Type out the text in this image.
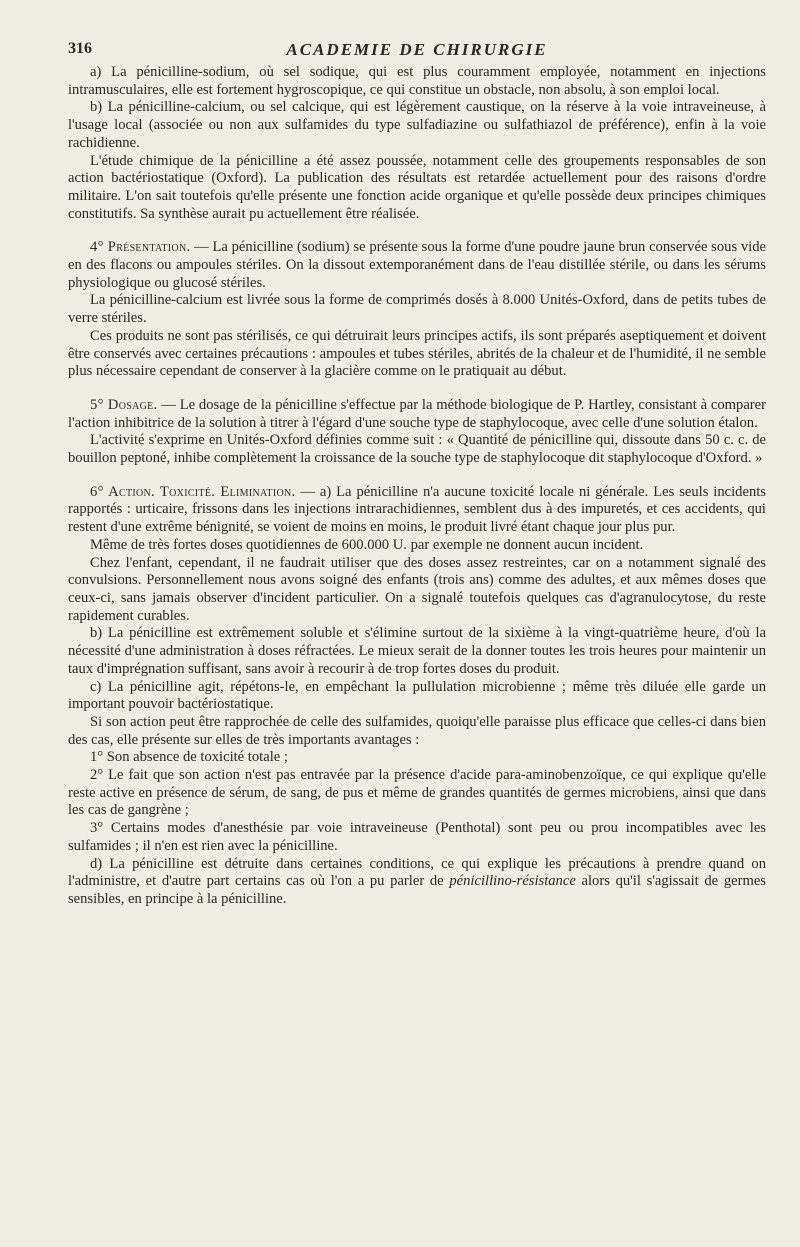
316	ACADEMIE DE CHIRURGIE

a) La pénicilline-sodium, où sel sodique, qui est plus couramment employée, notamment en injections intramusculaires, elle est fortement hygroscopique, ce qui constitue un obstacle, non absolu, à son emploi local.

b) La pénicilline-calcium, ou sel calcique, qui est légèrement caustique, on la réserve à la voie intraveineuse, à l'usage local (associée ou non aux sulfamides du type sulfadiazine ou sulfathiazol de préférence), enfin à la voie rachidienne.

L'étude chimique de la pénicilline a été assez poussée, notamment celle des groupements responsables de son action bactériostatique (Oxford). La publication des résultats est retardée actuellement pour des raisons d'ordre militaire. L'on sait toutefois qu'elle présente une fonction acide organique et qu'elle possède deux principes chimiques constitutifs. Sa synthèse aurait pu actuellement être réalisée.

4° Présentation. — La pénicilline (sodium) se présente sous la forme d'une poudre jaune brun conservée sous vide en des flacons ou ampoules stériles. On la dissout extemporanément dans de l'eau distillée stérile, ou dans les sérums physiologique ou glucosé stériles.

La pénicilline-calcium est livrée sous la forme de comprimés dosés à 8.000 Unités-Oxford, dans de petits tubes de verre stériles.

Ces produits ne sont pas stérilisés, ce qui détruirait leurs principes actifs, ils sont préparés aseptiquement et doivent être conservés avec certaines précautions : ampoules et tubes stériles, abrités de la chaleur et de l'humidité, il ne semble plus nécessaire cependant de conserver à la glacière comme on le pratiquait au début.

5° Dosage. — Le dosage de la pénicilline s'effectue par la méthode biologique de P. Hartley, consistant à comparer l'action inhibitrice de la solution à titrer à l'égard d'une souche type de staphylocoque, avec celle d'une solution étalon.

L'activité s'exprime en Unités-Oxford définies comme suit : « Quantité de pénicilline qui, dissoute dans 50 c. c. de bouillon peptoné, inhibe complètement la croissance de la souche type de staphylocoque dit staphylocoque d'Oxford. »

6° Action. Toxicité. Elimination. — a) La pénicilline n'a aucune toxicité locale ni générale. Les seuls incidents rapportés : urticaire, frissons dans les injections intrarachidiennes, semblent dus à des impuretés, et ces accidents, qui restent d'une extrême bénignité, se voient de moins en moins, le produit livré étant chaque jour plus pur.

Même de très fortes doses quotidiennes de 600.000 U. par exemple ne donnent aucun incident.

Chez l'enfant, cependant, il ne faudrait utiliser que des doses assez restreintes, car on a notamment signalé des convulsions. Personnellement nous avons soigné des enfants (trois ans) comme des adultes, et aux mêmes doses que ceux-ci, sans jamais observer d'incident particulier. On a signalé toutefois quelques cas d'agranulocytose, du reste rapidement curables.

b) La pénicilline est extrêmement soluble et s'élimine surtout de la sixième à la vingt-quatrième heure, d'où la nécessité d'une administration à doses réfractées. Le mieux serait de la donner toutes les trois heures pour maintenir un taux d'imprégnation suffisant, sans avoir à recourir à de trop fortes doses du produit.

c) La pénicilline agit, répétons-le, en empêchant la pullulation microbienne ; même très diluée elle garde un important pouvoir bactériostatique.

Si son action peut être rapprochée de celle des sulfamides, quoiqu'elle paraisse plus efficace que celles-ci dans bien des cas, elle présente sur elles de très importants avantages :

1° Son absence de toxicité totale ;

2° Le fait que son action n'est pas entravée par la présence d'acide para-aminobenzoïque, ce qui explique qu'elle reste active en présence de sérum, de sang, de pus et même de grandes quantités de germes microbiens, ainsi que dans les cas de gangrène ;

3° Certains modes d'anesthésie par voie intraveineuse (Penthotal) sont peu ou prou incompatibles avec les sulfamides ; il n'en est rien avec la pénicilline.

d) La pénicilline est détruite dans certaines conditions, ce qui explique les précautions à prendre quand on l'administre, et d'autre part certains cas où l'on a pu parler de pénicillino-résistance alors qu'il s'agissait de germes sensibles, en principe à la pénicilline.
